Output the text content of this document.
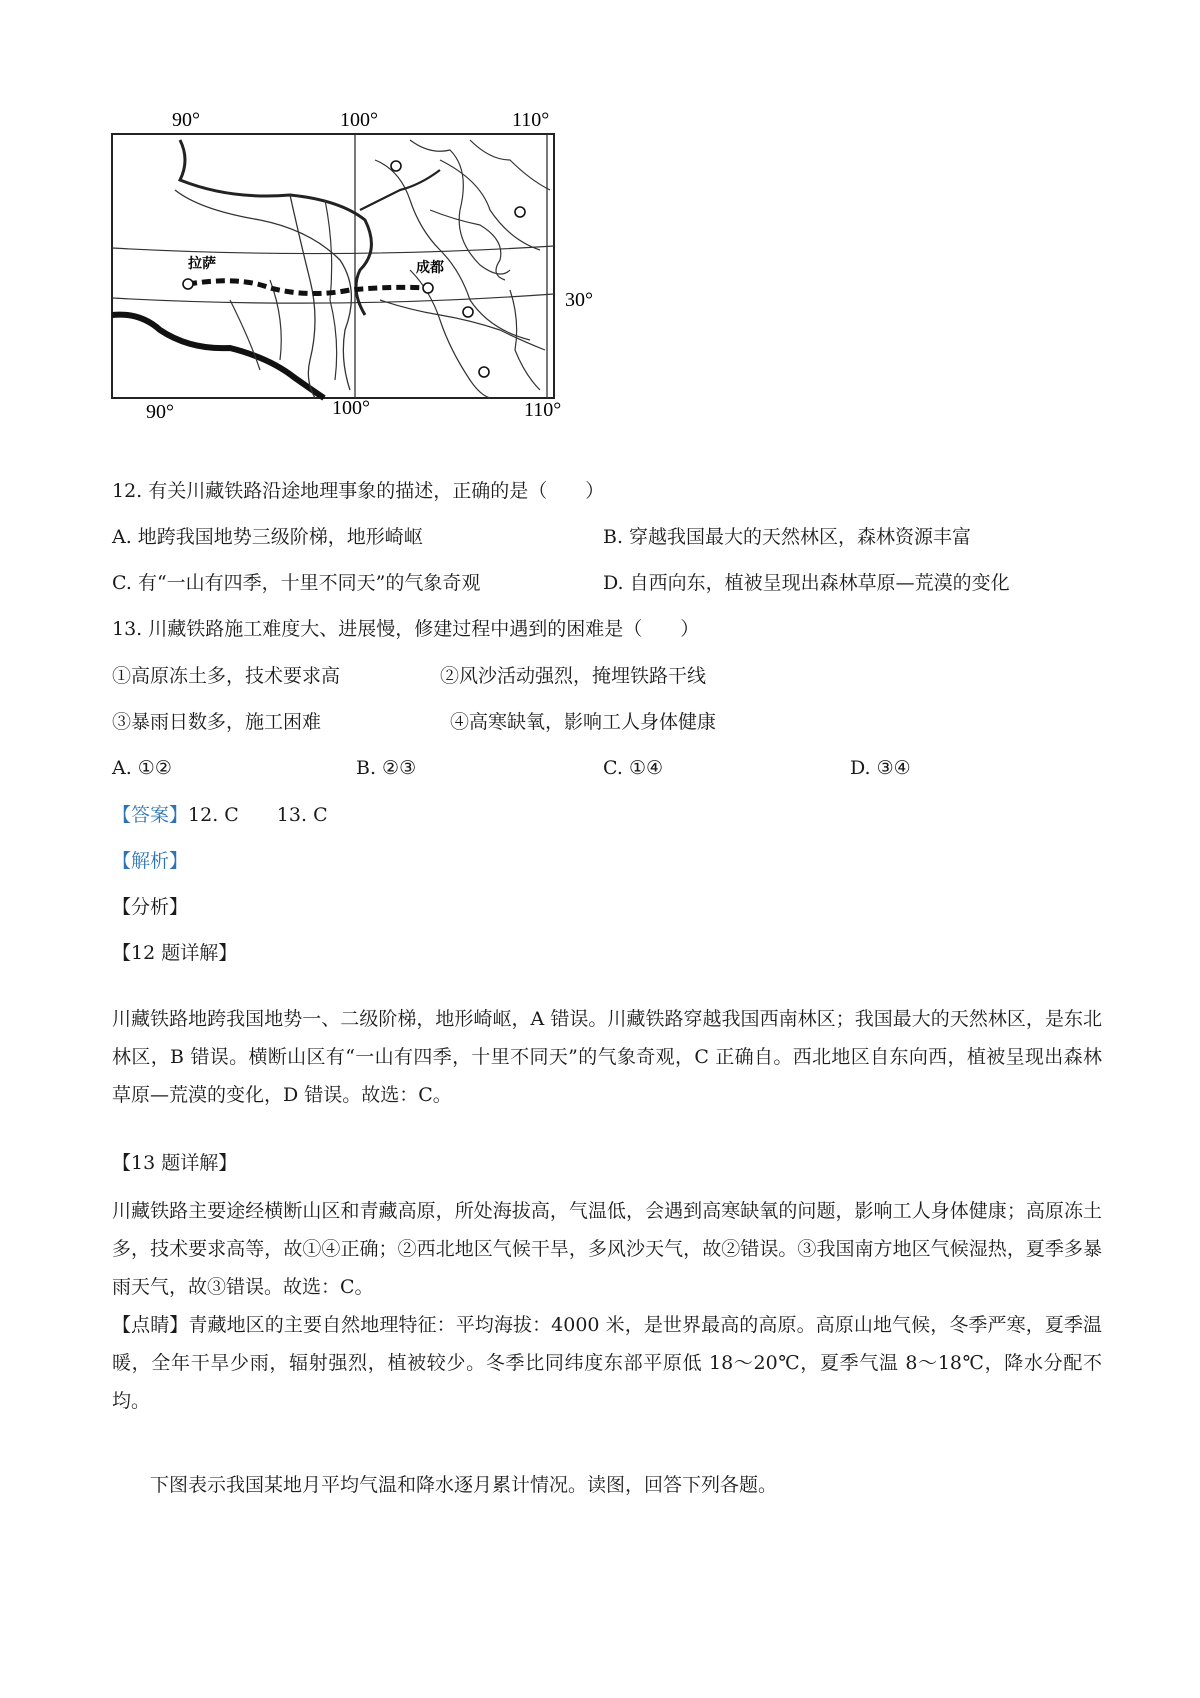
90°	100°	110°
拉萨	成都
30°
90°	100°	110°
12. 有关川藏铁路沿途地理事象的描述，正确的是（　　）
A. 地跨我国地势三级阶梯，地形崎岖	B. 穿越我国最大的天然林区，森林资源丰富
C. 有“一山有四季，十里不同天”的气象奇观	D. 自西向东，植被呈现出森林草原—荒漠的变化
13. 川藏铁路施工难度大、进展慢，修建过程中遇到的困难是（　　）
①高原冻土多，技术要求高	②风沙活动强烈，掩埋铁路干线
③暴雨日数多，施工困难	④高寒缺氧，影响工人身体健康
A. ①②	B. ②③	C. ①④	D. ③④
【答案】12. C　　13. C
【解析】
【分析】
【12 题详解】
川藏铁路地跨我国地势一、二级阶梯，地形崎岖，A 错误。川藏铁路穿越我国西南林区；我国最大的天然林区，是东北林区，B 错误。横断山区有“一山有四季，十里不同天”的气象奇观，C 正确自。西北地区自东向西，植被呈现出森林草原—荒漠的变化，D 错误。故选：C。
【13 题详解】
川藏铁路主要途经横断山区和青藏高原，所处海拔高，气温低，会遇到高寒缺氧的问题，影响工人身体健康；高原冻土多，技术要求高等，故①④正确；②西北地区气候干旱，多风沙天气，故②错误。③我国南方地区气候湿热，夏季多暴雨天气，故③错误。故选：C。
【点睛】青藏地区的主要自然地理特征：平均海拔：4000 米，是世界最高的高原。高原山地气候，冬季严寒，夏季温暖，全年干旱少雨，辐射强烈，植被较少。冬季比同纬度东部平原低 18～20℃，夏季气温 8～18℃，降水分配不均。
下图表示我国某地月平均气温和降水逐月累计情况。读图，回答下列各题。
